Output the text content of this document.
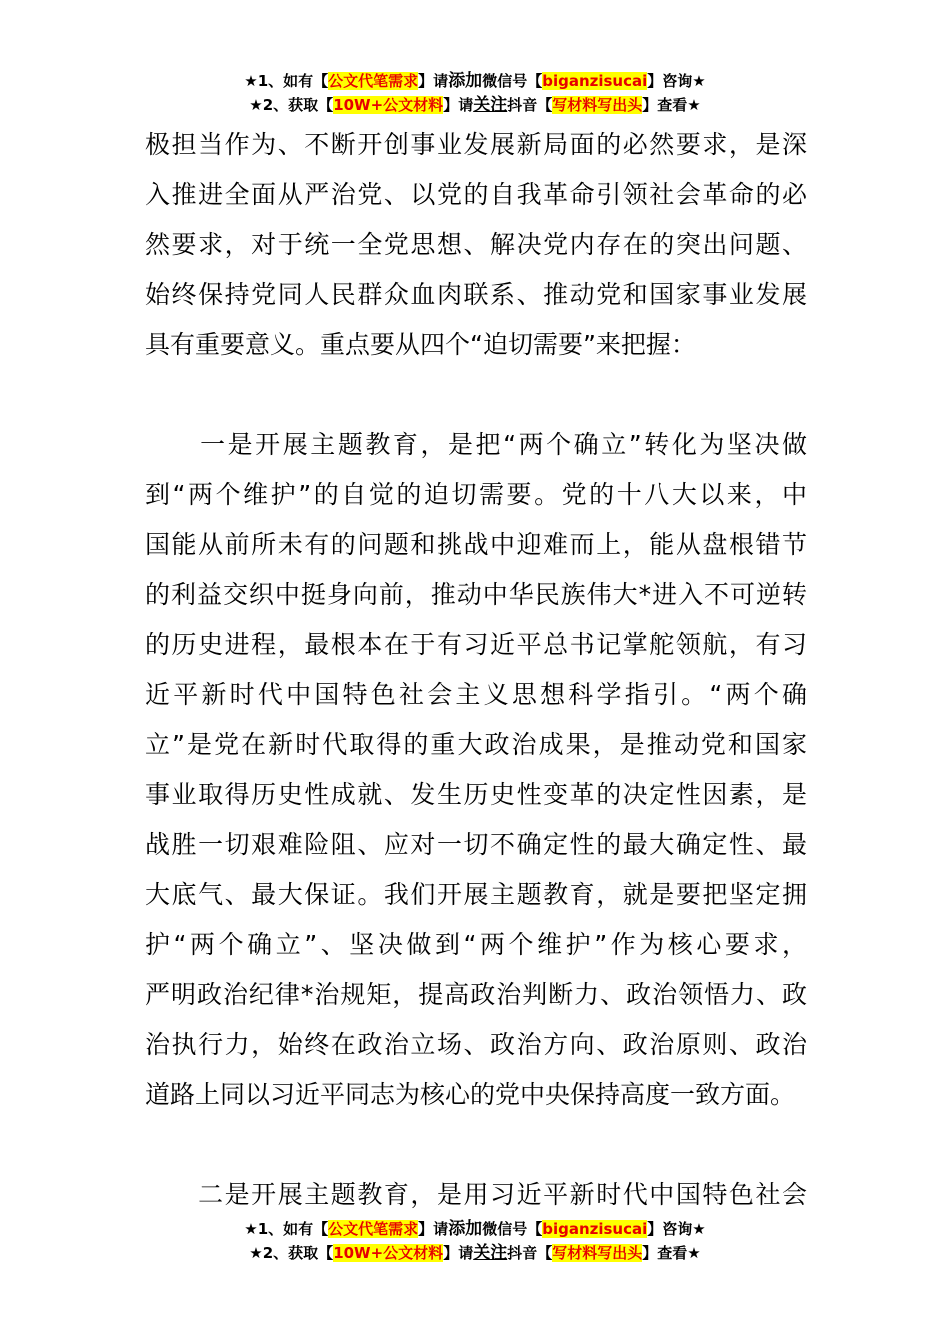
★1、如有【公文代笔需求】请添加微信号【biganzisucai】咨询★
★2、获取【10W+公文材料】请关注抖音【写材料写出头】查看★
极担当作为、不断开创事业发展新局面的必然要求，是深
入推进全面从严治党、以党的自我革命引领社会革命的必
然要求，对于统一全党思想、解决党内存在的突出问题、
始终保持党同人民群众血肉联系、推动党和国家事业发展
具有重要意义。重点要从四个“迫切需要”来把握：
　　一是开展主题教育，是把“两个确立”转化为坚决做
到“两个维护”的自觉的迫切需要。党的十八大以来，中
国能从前所未有的问题和挑战中迎难而上，能从盘根错节
的利益交织中挺身向前，推动中华民族伟大*进入不可逆转
的历史进程，最根本在于有习近平总书记掌舵领航，有习
近平新时代中国特色社会主义思想科学指引。“两个确
立”是党在新时代取得的重大政治成果，是推动党和国家
事业取得历史性成就、发生历史性变革的决定性因素，是
战胜一切艰难险阻、应对一切不确定性的最大确定性、最
大底气、最大保证。我们开展主题教育，就是要把坚定拥
护“两个确立”、坚决做到“两个维护”作为核心要求，
严明政治纪律*治规矩，提高政治判断力、政治领悟力、政
治执行力，始终在政治立场、政治方向、政治原则、政治
道路上同以习近平同志为核心的党中央保持高度一致方面。
　　二是开展主题教育，是用习近平新时代中国特色社会
★1、如有【公文代笔需求】请添加微信号【biganzisucai】咨询★
★2、获取【10W+公文材料】请关注抖音【写材料写出头】查看★
